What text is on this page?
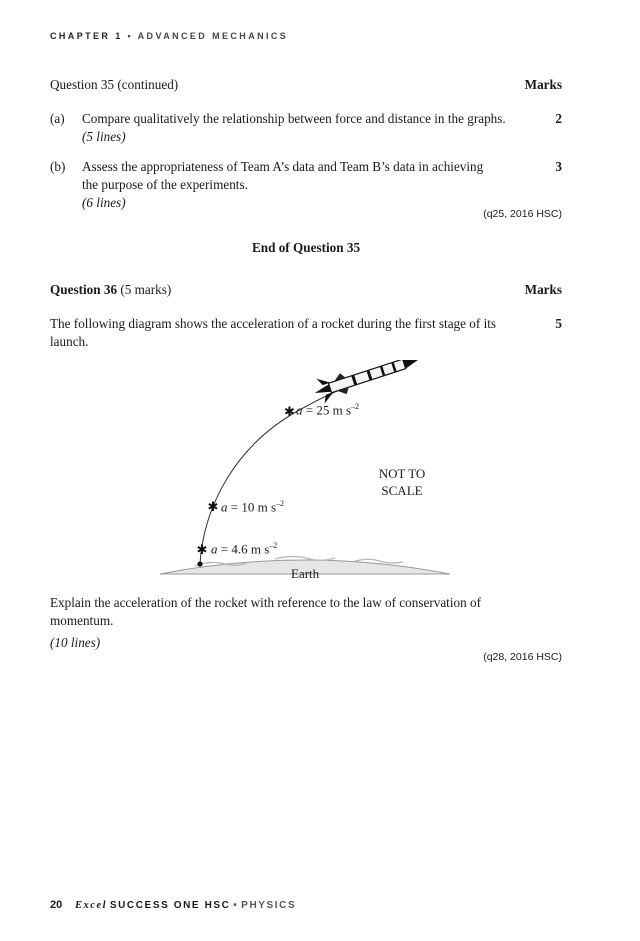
CHAPTER 1 • ADVANCED MECHANICS
Question 35 (continued)	Marks
(a) Compare qualitatively the relationship between force and distance in the graphs.
(5 lines)
2
(b) Assess the appropriateness of Team A’s data and Team B’s data in achieving
the purpose of the experiments.
(6 lines)
3
(q25, 2016 HSC)
End of Question 35
Question 36 (5 marks)	Marks
The following diagram shows the acceleration of a rocket during the first stage of its
launch.
5
✱
✱
✱ a = 25 m $s^{-2}$
a = 10 m $s^{-2}$
a = 4.6 m $s^{-2}$
NOT TO
SCALE
Earth
Explain the acceleration of the rocket with reference to the law of conservation of
momentum.
(10 lines)
(q28, 2016 HSC)
20 Excel SUCCESS ONE HSC • PHYSICS
